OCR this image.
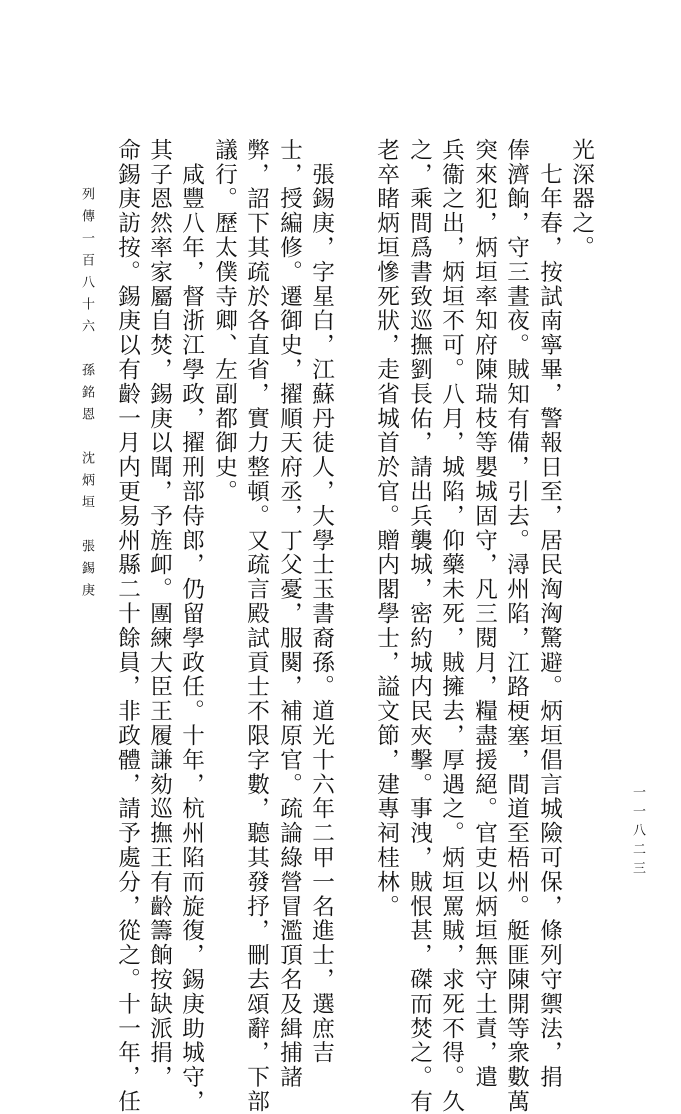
光深器之。
　七年春，按試南寧畢，警報日至，居民洶洶驚避。炳垣倡言城險可保，條列守禦法，捐
俸濟餉，守三晝夜。賊知有備，引去。潯州陷，江路梗塞，間道至梧州。艇匪陳開等衆數萬
突來犯，炳垣率知府陳瑞枝等嬰城固守，凡三閱月，糧盡援絕。官吏以炳垣無守土責，遣
兵衞之出，炳垣不可。八月，城陷，仰藥未死，賊擁去，厚遇之。炳垣罵賊，求死不得。久
之，乘間爲書致巡撫劉長佑，請出兵襲城，密約城内民夾擊。事洩，賊恨甚，磔而焚之。有
老卒睹炳垣慘死狀，走省城首於官。贈内閣學士，謚文節，建專祠桂林。
　張錫庚，字星白，江蘇丹徒人，大學士玉書裔孫。道光十六年二甲一名進士，選庶吉
士，授編修。遷御史，擢順天府丞，丁父憂，服闋，補原官。疏論綠營冒濫頂名及緝捕諸
弊，詔下其疏於各直省，實力整頓。又疏言殿試貢士不限字數，聽其發抒，刪去頌辭，下部
議行。歷太僕寺卿、左副都御史。
　咸豐八年，督浙江學政，擢刑部侍郎，仍留學政任。十年，杭州陷而旋復，錫庚助城守，
其子恩然率家屬自焚，錫庚以聞，予旌卹。團練大臣王履謙劾巡撫王有齡籌餉按缺派捐，
命錫庚訪按。錫庚以有齡一月内更易州縣二十餘員，非政體，請予處分，從之。十一年，任
列傳一百八十六　孫銘恩　沈炳垣　張錫庚
一一八二三
